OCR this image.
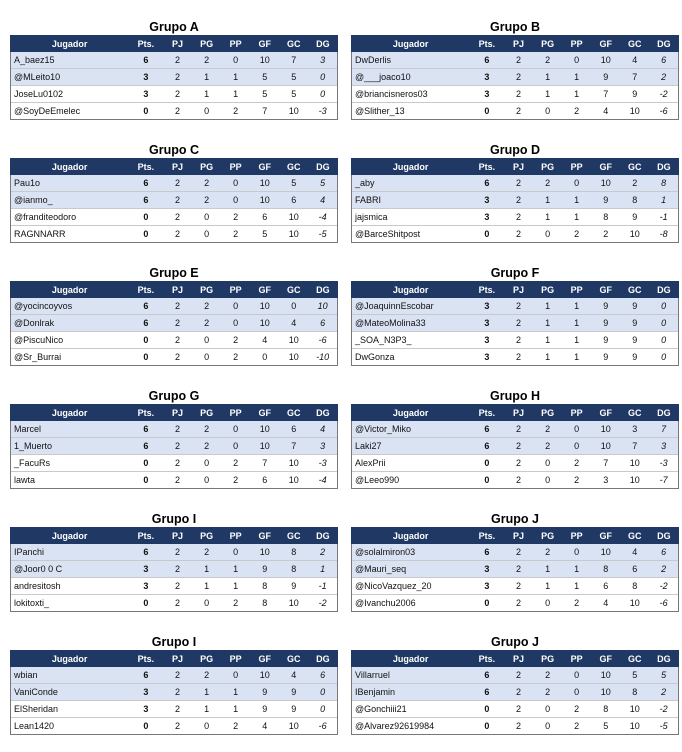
Grupo A
Jugador	Pts.	PJ	PG	PP	GF	GC	DG
A_baez15	6	2	2	0	10	7	3
@MLeito10	3	2	1	1	5	5	0
JoseLu0102	3	2	1	1	5	5	0
@SoyDeEmelec	0	2	0	2	7	10	-3
Grupo B
Jugador	Pts.	PJ	PG	PP	GF	GC	DG
DwDerlis	6	2	2	0	10	4	6
@___joaco10	3	2	1	1	9	7	2
@briancisneros03	3	2	1	1	7	9	-2
@Slither_13	0	2	0	2	4	10	-6
Grupo C
Jugador	Pts.	PJ	PG	PP	GF	GC	DG
Pau1o	6	2	2	0	10	5	5
@ianmo_	6	2	2	0	10	6	4
@franditeodoro	0	2	0	2	6	10	-4
RAGNNARR	0	2	0	2	5	10	-5
Grupo D
Jugador	Pts.	PJ	PG	PP	GF	GC	DG
_aby	6	2	2	0	10	2	8
FABRI	3	2	1	1	9	8	1
jajsmica	3	2	1	1	8	9	-1
@BarceShitpost	0	2	0	2	2	10	-8
Grupo E
Jugador	Pts.	PJ	PG	PP	GF	GC	DG
@yocincoyvos	6	2	2	0	10	0	10
@Donlrak	6	2	2	0	10	4	6
@PiscuNico	0	2	0	2	4	10	-6
@Sr_Burrai	0	2	0	2	0	10	-10
Grupo F
Jugador	Pts.	PJ	PG	PP	GF	GC	DG
@JoaquinnEscobar	3	2	1	1	9	9	0
@MateoMolina33	3	2	1	1	9	9	0
_SOA_N3P3_	3	2	1	1	9	9	0
DwGonza	3	2	1	1	9	9	0
Grupo G
Jugador	Pts.	PJ	PG	PP	GF	GC	DG
Marcel	6	2	2	0	10	6	4
1_Muerto	6	2	2	0	10	7	3
_FacuRs	0	2	0	2	7	10	-3
lawta	0	2	0	2	6	10	-4
Grupo H
Jugador	Pts.	PJ	PG	PP	GF	GC	DG
@Victor_Miko	6	2	2	0	10	3	7
Laki27	6	2	2	0	10	7	3
AlexPrii	0	2	0	2	7	10	-3
@Leeo990	0	2	0	2	3	10	-7
Grupo I
Jugador	Pts.	PJ	PG	PP	GF	GC	DG
IPanchi	6	2	2	0	10	8	2
@Joor0 0 C	3	2	1	1	9	8	1
andresitosh	3	2	1	1	8	9	-1
lokitoxti_	0	2	0	2	8	10	-2
Grupo J
Jugador	Pts.	PJ	PG	PP	GF	GC	DG
@solalmiron03	6	2	2	0	10	4	6
@Mauri_seq	3	2	1	1	8	6	2
@NicoVazquez_20	3	2	1	1	6	8	-2
@Ivanchu2006	0	2	0	2	4	10	-6
Grupo I
Jugador	Pts.	PJ	PG	PP	GF	GC	DG
wbian	6	2	2	0	10	4	6
VaniConde	3	2	1	1	9	9	0
ElSheridan	3	2	1	1	9	9	0
Lean1420	0	2	0	2	4	10	-6
Grupo J
Jugador	Pts.	PJ	PG	PP	GF	GC	DG
Villarruel	6	2	2	0	10	5	5
IBenjamin	6	2	2	0	10	8	2
@Gonchiii21	0	2	0	2	8	10	-2
@Alvarez92619984	0	2	0	2	5	10	-5
